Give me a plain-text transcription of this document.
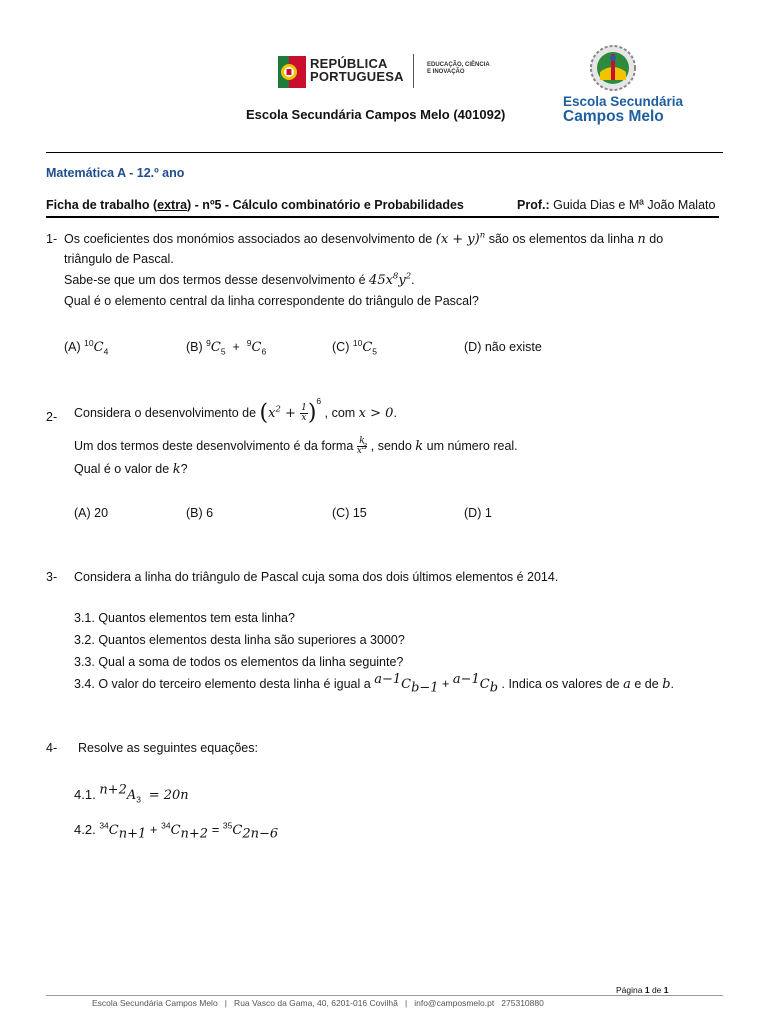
REPÚBLICA
PORTUGUESA
EDUCAÇÃO, CIÊNCIA
E INOVAÇÃO
Escola Secundária
Campos Melo
Escola Secundária Campos Melo (401092)
Matemática A - 12.º ano
Ficha de trabalho (extra) - nº5 - Cálculo combinatório e Probabilidades	Prof.: Guida Dias e Mª João Malato
1- Os coeficientes dos monómios associados ao desenvolvimento de $(x + y)^n$ são os elementos da linha n do
triângulo de Pascal.
Sabe-se que um dos termos desse desenvolvimento é $45x^8y^2$.
Qual é o elemento central da linha correspondente do triângulo de Pascal?
(A) $^{10}C_4$	(B) $^9C_5 + ^9C_6$	(C) $^{10}C_5$	(D) não existe
2- Considera o desenvolvimento de $(x^2 + \frac{1}{x} )^6$ , com x > 0.
Um dos termos deste desenvolvimento é da forma $\frac{k}{x^3}$ , sendo k um número real.
Qual é o valor de k?
(A) 20	(B) 6	(C) 15	(D) 1
3- Considera a linha do triângulo de Pascal cuja soma dos dois últimos elementos é 2014.
3.1. Quantos elementos tem esta linha?
3.2. Quantos elementos desta linha são superiores a 3000?
3.3. Qual a soma de todos os elementos da linha seguinte?
3.4. O valor do terceiro elemento desta linha é igual a $^{a-1}C_{b-1} + ^{a-1}C_b$ . Indica os valores de a e de b.
4- Resolve as seguintes equações:
4.1. $^{n+2}A_3 = 20n$
4.2. $^{34}C_{n+1} + ^{34}C_{n+2} = ^{35}C_{2n-6}$
Página 1 de 1
Escola Secundária Campos Melo   |   Rua Vasco da Gama, 40, 6201-016 Covilhã   |   info@camposmelo.pt   275310880
